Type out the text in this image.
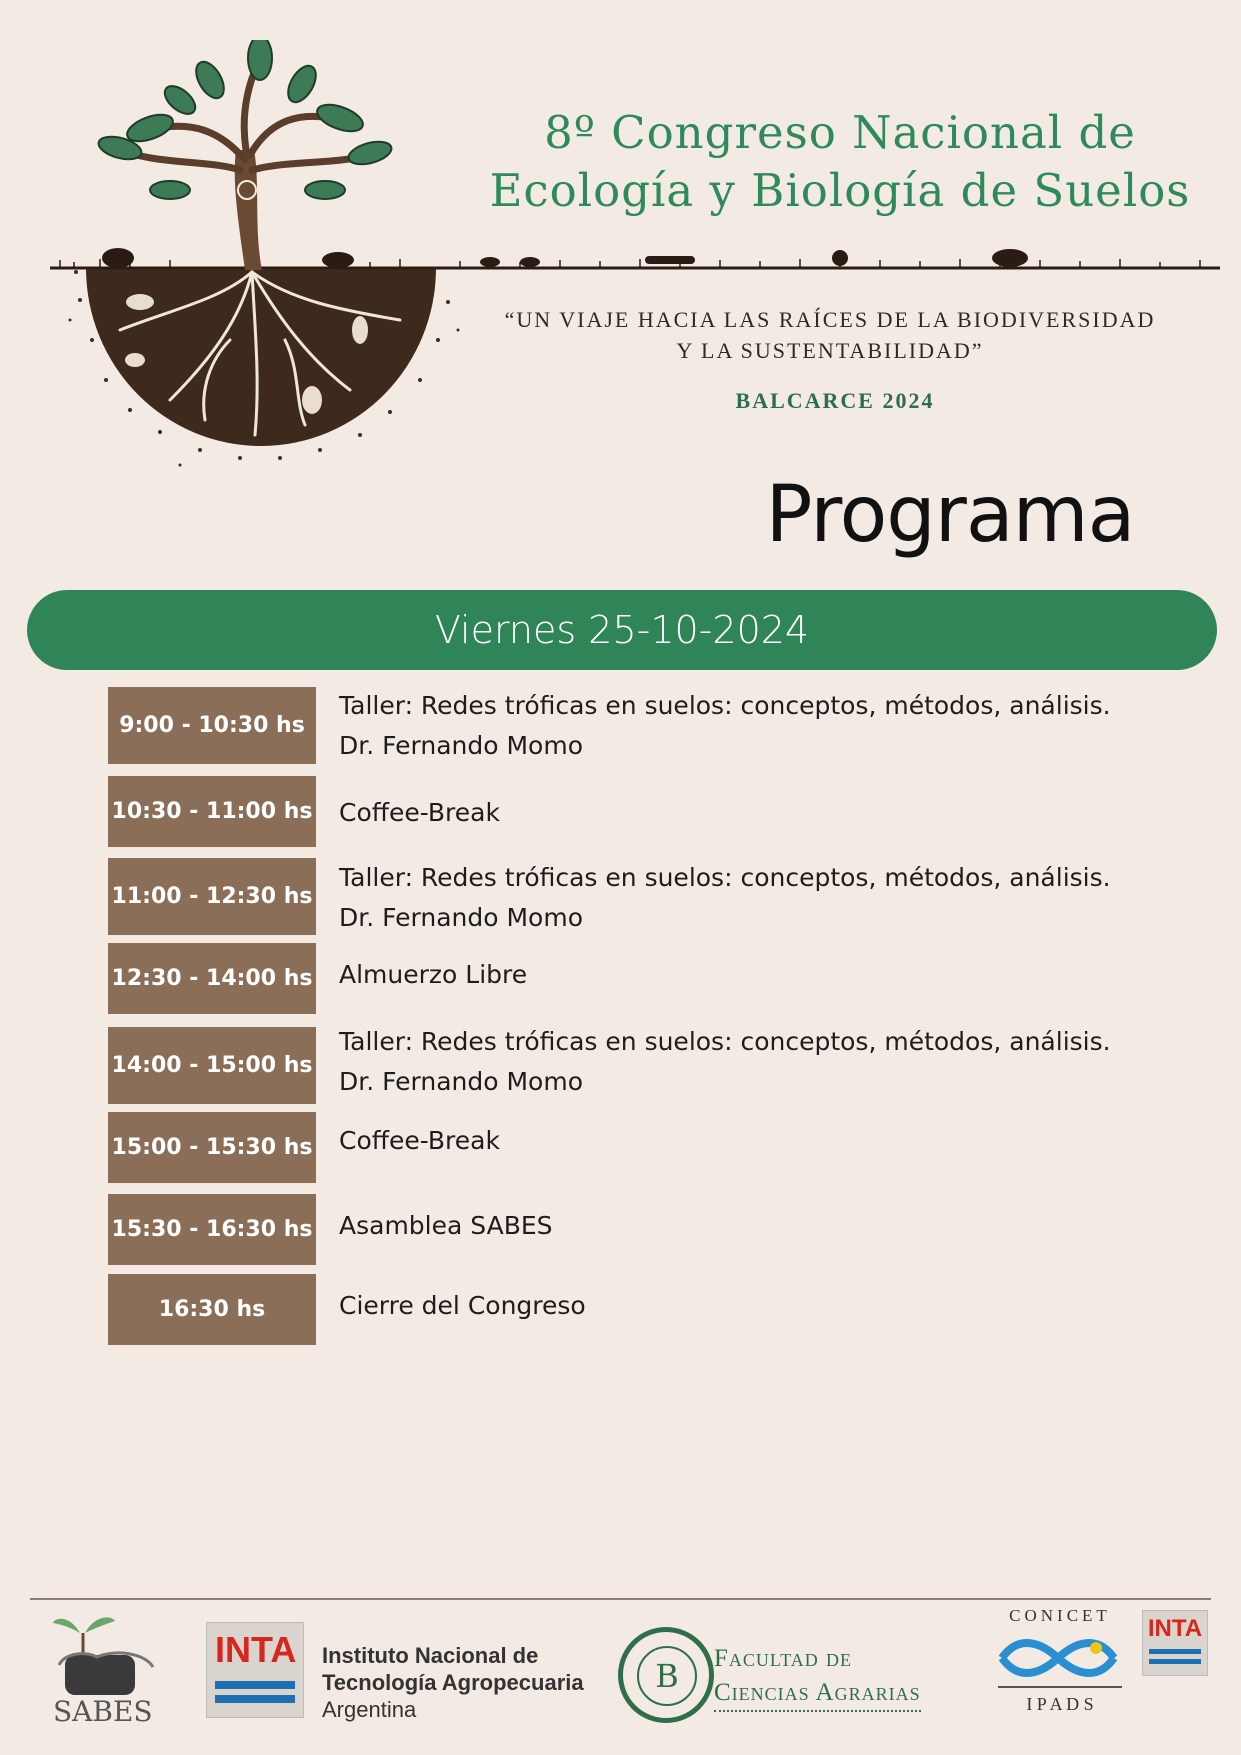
8º Congreso Nacional de
Ecología y Biología de Suelos
“UN VIAJE HACIA LAS RAÍCES DE LA BIODIVERSIDAD
Y LA SUSTENTABILIDAD”
BALCARCE 2024
Programa
Viernes 25-10-2024
9:00 - 10:30 hs
Taller: Redes tróficas en suelos: conceptos, métodos, análisis.
Dr. Fernando Momo
10:30 - 11:00 hs Coffee-Break
11:00 - 12:30 hs
Taller: Redes tróficas en suelos: conceptos, métodos, análisis.
Dr. Fernando Momo
12:30 - 14:00 hs Almuerzo Libre
14:00 - 15:00 hs
Taller: Redes tróficas en suelos: conceptos, métodos, análisis.
Dr. Fernando Momo
15:00 - 15:30 hs Coffee-Break
15:30 - 16:30 hs Asamblea SABES
16:30 hs	Cierre del Congreso
SABES
INTA Instituto Nacional de
Tecnología Agropecuaria
Argentina
B	Facultad de
Ciencias Agrarias
CONICET
I P A D S
INTA
